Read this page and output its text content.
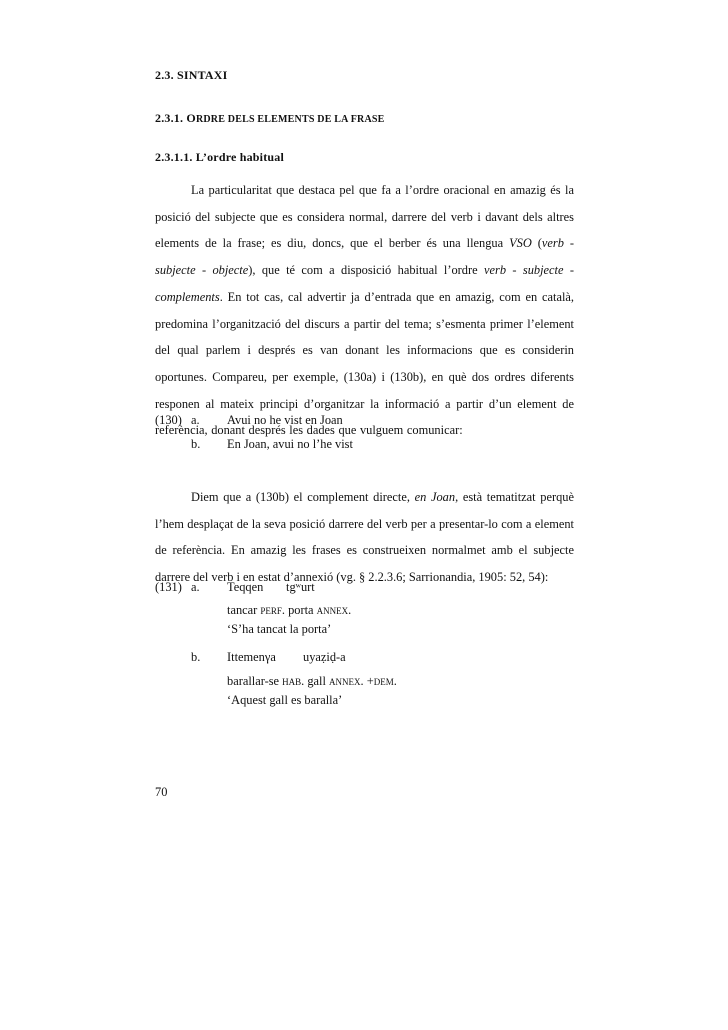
2.3. SINTAXI
2.3.1. ORDRE DELS ELEMENTS DE LA FRASE
2.3.1.1. L’ordre habitual
La particularitat que destaca pel que fa a l’ordre oracional en amazig és la posició del subjecte que es considera normal, darrere del verb i davant dels altres elements de la frase; es diu, doncs, que el berber és una llengua VSO (verb - subjecte - objecte), que té com a disposició habitual l’ordre verb - subjecte - complements. En tot cas, cal advertir ja d’entrada que en amazig, com en català, predomina l’organització del discurs a partir del tema; s’esmenta primer l’element del qual parlem i després es van donant les informacions que es considerin oportunes. Compareu, per exemple, (130a) i (130b), en què dos ordres diferents responen al mateix principi d’organitzar la informació a partir d’un element de referència, donant després les dades que vulguem comunicar:
(130) a. Avui no he vist en Joan
b. En Joan, avui no l’he vist
Diem que a (130b) el complement directe, en Joan, està tematitzat perquè l’hem desplaçat de la seva posició darrere del verb per a presentar-lo com a element de referència. En amazig les frases es construeixen normalmet amb el subjecte darrere del verb i en estat d’annexió (vg. § 2.2.3.6; Sarrionandia, 1905: 52, 54):
(131) a. Teqqen tgʷurt
tancar PERF. porta ANNEX.
‘S’ha tancat la porta’
b. Ittemenγa uyaẓiḍ-a
barallar-se HAB. gall ANNEX. +DEM.
‘Aquest gall es baralla’
70
